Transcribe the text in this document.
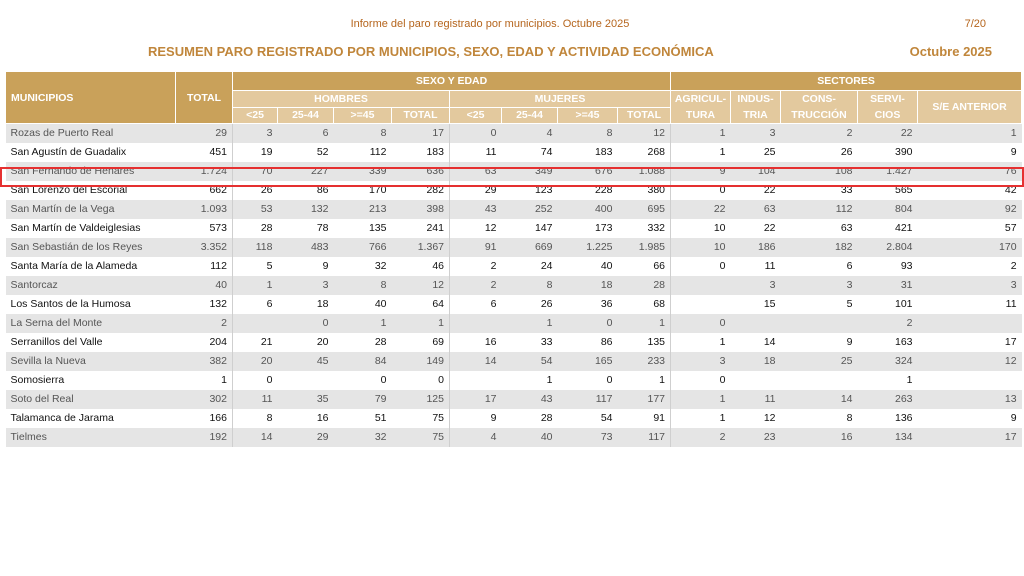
Informe del paro registrado por municipios. Octubre 2025	7/20
RESUMEN PARO REGISTRADO POR MUNICIPIOS, SEXO, EDAD Y ACTIVIDAD ECONÓMICA	Octubre 2025
MUNICIPIOS	TOTAL	SEXO Y EDAD								SECTORES				
		HOMBRES				MUJERES				AGRICUL-TURA	INDUS-TRIA	CONS-TRUCCIÓN	SERVI-CIOS	S/E ANTERIOR
		<25	25-44	>=45	TOTAL	<25	25-44	>=45	TOTAL					
Rozas de Puerto Real	29	3	6	8	17	0	4	8	12	1	3	2	22	1
San Agustín de Guadalix	451	19	52	112	183	11	74	183	268	1	25	26	390	9
San Fernando de Henares	1.724	70	227	339	636	63	349	676	1.088	9	104	108	1.427	76
San Lorenzo del Escorial	662	26	86	170	282	29	123	228	380	0	22	33	565	42
San Martín de la Vega	1.093	53	132	213	398	43	252	400	695	22	63	112	804	92
San Martín de Valdeiglesias	573	28	78	135	241	12	147	173	332	10	22	63	421	57
San Sebastián de los Reyes	3.352	118	483	766	1.367	91	669	1.225	1.985	10	186	182	2.804	170
Santa María de la Alameda	112	5	9	32	46	2	24	40	66	0	11	6	93	2
Santorcaz	40	1	3	8	12	2	8	18	28		3	3	31	3
Los Santos de la Humosa	132	6	18	40	64	6	26	36	68		15	5	101	11
La Serna del Monte	2		0	1	1		1	0	1	0			2	
Serranillos del Valle	204	21	20	28	69	16	33	86	135	1	14	9	163	17
Sevilla la Nueva	382	20	45	84	149	14	54	165	233	3	18	25	324	12
Somosierra	1	0		0	0		1	0	1	0			1	
Soto del Real	302	11	35	79	125	17	43	117	177	1	11	14	263	13
Talamanca de Jarama	166	8	16	51	75	9	28	54	91	1	12	8	136	9
Tielmes	192	14	29	32	75	4	40	73	117	2	23	16	134	17
